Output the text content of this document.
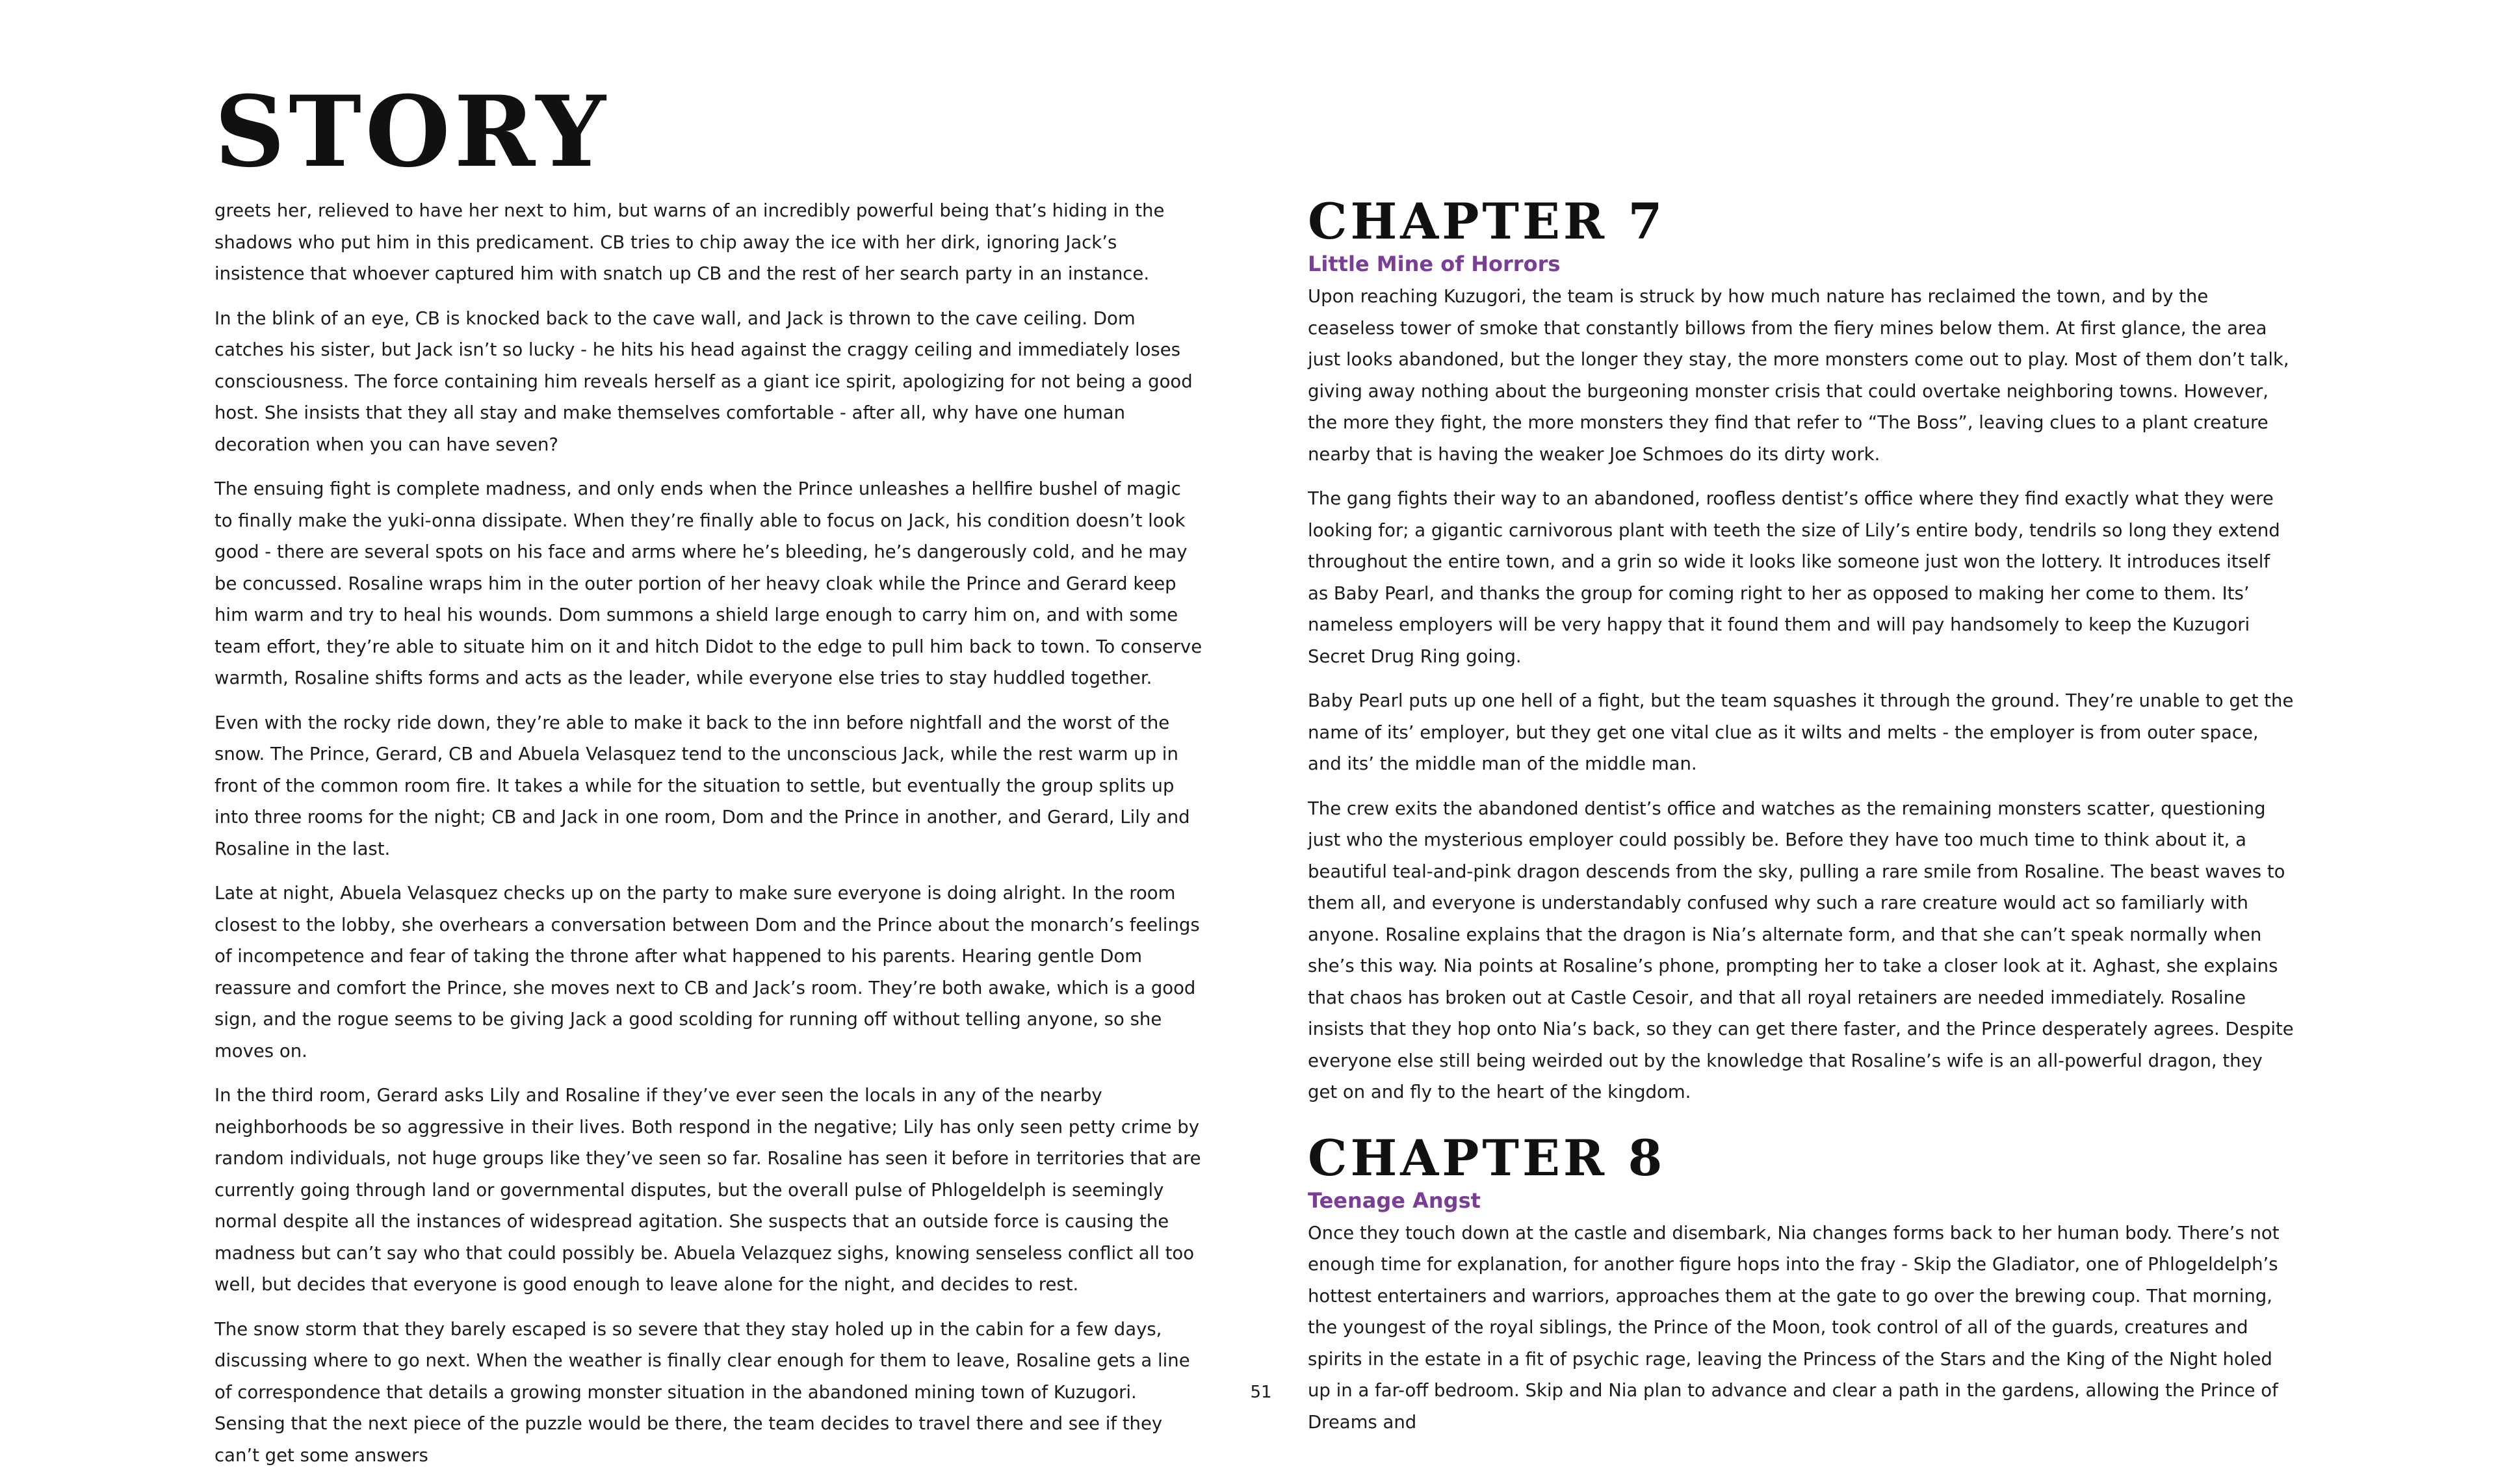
STORY

greets her, relieved to have her next to him, but warns of an incredibly powerful being that’s hiding in the shadows who put him in this predicament. CB tries to chip away the ice with her dirk, ignoring Jack’s insistence that whoever captured him with snatch up CB and the rest of her search party in an instance.

In the blink of an eye, CB is knocked back to the cave wall, and Jack is thrown to the cave ceiling. Dom catches his sister, but Jack isn’t so lucky - he hits his head against the craggy ceiling and immediately loses consciousness. The force containing him reveals herself as a giant ice spirit, apologizing for not being a good host. She insists that they all stay and make themselves comfortable - after all, why have one human decoration when you can have seven?

The ensuing fight is complete madness, and only ends when the Prince unleashes a hellfire bushel of magic to finally make the yuki-onna dissipate. When they’re finally able to focus on Jack, his condition doesn’t look good - there are several spots on his face and arms where he’s bleeding, he’s dangerously cold, and he may be concussed. Rosaline wraps him in the outer portion of her heavy cloak while the Prince and Gerard keep him warm and try to heal his wounds. Dom summons a shield large enough to carry him on, and with some team effort, they’re able to situate him on it and hitch Didot to the edge to pull him back to town. To conserve warmth, Rosaline shifts forms and acts as the leader, while everyone else tries to stay huddled together.

Even with the rocky ride down, they’re able to make it back to the inn before nightfall and the worst of the snow. The Prince, Gerard, CB and Abuela Velasquez tend to the unconscious Jack, while the rest warm up in front of the common room fire. It takes a while for the situation to settle, but eventually the group splits up into three rooms for the night; CB and Jack in one room, Dom and the Prince in another, and Gerard, Lily and Rosaline in the last.

Late at night, Abuela Velasquez checks up on the party to make sure everyone is doing alright. In the room closest to the lobby, she overhears a conversation between Dom and the Prince about the monarch’s feelings of incompetence and fear of taking the throne after what happened to his parents. Hearing gentle Dom reassure and comfort the Prince, she moves next to CB and Jack’s room. They’re both awake, which is a good sign, and the rogue seems to be giving Jack a good scolding for running off without telling anyone, so she moves on.

In the third room, Gerard asks Lily and Rosaline if they’ve ever seen the locals in any of the nearby neighborhoods be so aggressive in their lives. Both respond in the negative; Lily has only seen petty crime by random individuals, not huge groups like they’ve seen so far. Rosaline has seen it before in territories that are currently going through land or governmental disputes, but the overall pulse of Phlogeldelph is seemingly normal despite all the instances of widespread agitation. She suspects that an outside force is causing the madness but can’t say who that could possibly be. Abuela Velazquez sighs, knowing senseless conflict all too well, but decides that everyone is good enough to leave alone for the night, and decides to rest.

The snow storm that they barely escaped is so severe that they stay holed up in the cabin for a few days, discussing where to go next. When the weather is finally clear enough for them to leave, Rosaline gets a line of correspondence that details a growing monster situation in the abandoned mining town of Kuzugori. Sensing that the next piece of the puzzle would be there, the team decides to travel there and see if they can’t get some answers

CHAPTER 7
Little Mine of Horrors

Upon reaching Kuzugori, the team is struck by how much nature has reclaimed the town, and by the ceaseless tower of smoke that constantly billows from the fiery mines below them. At first glance, the area just looks abandoned, but the longer they stay, the more monsters come out to play. Most of them don’t talk, giving away nothing about the burgeoning monster crisis that could overtake neighboring towns. However, the more they fight, the more monsters they find that refer to “The Boss”, leaving clues to a plant creature nearby that is having the weaker Joe Schmoes do its dirty work.

The gang fights their way to an abandoned, roofless dentist’s office where they find exactly what they were looking for; a gigantic carnivorous plant with teeth the size of Lily’s entire body, tendrils so long they extend throughout the entire town, and a grin so wide it looks like someone just won the lottery. It introduces itself as Baby Pearl, and thanks the group for coming right to her as opposed to making her come to them. Its’ nameless employers will be very happy that it found them and will pay handsomely to keep the Kuzugori Secret Drug Ring going.

Baby Pearl puts up one hell of a fight, but the team squashes it through the ground. They’re unable to get the name of its’ employer, but they get one vital clue as it wilts and melts - the employer is from outer space, and its’ the middle man of the middle man.

The crew exits the abandoned dentist’s office and watches as the remaining monsters scatter, questioning just who the mysterious employer could possibly be. Before they have too much time to think about it, a beautiful teal-and-pink dragon descends from the sky, pulling a rare smile from Rosaline. The beast waves to them all, and everyone is understandably confused why such a rare creature would act so familiarly with anyone. Rosaline explains that the dragon is Nia’s alternate form, and that she can’t speak normally when she’s this way. Nia points at Rosaline’s phone, prompting her to take a closer look at it. Aghast, she explains that chaos has broken out at Castle Cesoir, and that all royal retainers are needed immediately. Rosaline insists that they hop onto Nia’s back, so they can get there faster, and the Prince desperately agrees. Despite everyone else still being weirded out by the knowledge that Rosaline’s wife is an all-powerful dragon, they get on and fly to the heart of the kingdom.

CHAPTER 8
Teenage Angst

Once they touch down at the castle and disembark, Nia changes forms back to her human body. There’s not enough time for explanation, for another figure hops into the fray - Skip the Gladiator, one of Phlogeldelph’s hottest entertainers and warriors, approaches them at the gate to go over the brewing coup. That morning, the youngest of the royal siblings, the Prince of the Moon, took control of all of the guards, creatures and spirits in the estate in a fit of psychic rage, leaving the Princess of the Stars and the King of the Night holed up in a far-off bedroom. Skip and Nia plan to advance and clear a path in the gardens, allowing the Prince of Dreams and

51
